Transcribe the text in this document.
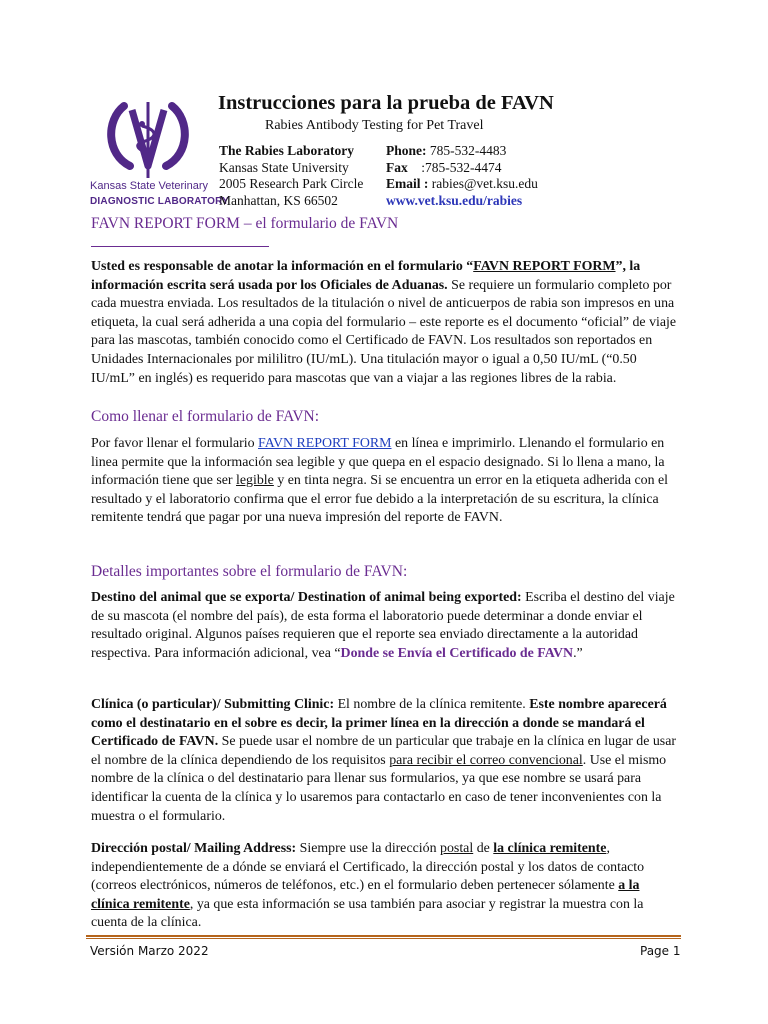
Kansas State Veterinary
DIAGNOSTIC LABORATORY
Instrucciones para la prueba de FAVN
Rabies Antibody Testing for Pet Travel
The Rabies Laboratory
Kansas State University
2005 Research Park Circle
Manhattan, KS 66502
Phone: 785-532-4483
Fax :785-532-4474
Email : rabies@vet.ksu.edu
www.vet.ksu.edu/rabies
FAVN REPORT FORM – el formulario de FAVN

Usted es responsable de anotar la información en el formulario “FAVN REPORT FORM”, la información escrita será usada por los Oficiales de Aduanas. Se requiere un formulario completo por cada muestra enviada. Los resultados de la titulación o nivel de anticuerpos de rabia son impresos en una etiqueta, la cual será adherida a una copia del formulario – este reporte es el documento “oficial” de viaje para las mascotas, también conocido como el Certificado de FAVN. Los resultados son reportados en Unidades Internacionales por mililitro (IU/mL). Una titulación mayor o igual a 0,50 IU/mL (“0.50 IU/mL” en inglés) es requerido para mascotas que van a viajar a las regiones libres de la rabia.

Como llenar el formulario de FAVN:

Por favor llenar el formulario FAVN REPORT FORM en línea e imprimirlo. Llenando el formulario en linea permite que la información sea legible y que quepa en el espacio designado. Si lo llena a mano, la información tiene que ser legible y en tinta negra. Si se encuentra un error en la etiqueta adherida con el resultado y el laboratorio confirma que el error fue debido a la interpretación de su escritura, la clínica remitente tendrá que pagar por una nueva impresión del reporte de FAVN.

Detalles importantes sobre el formulario de FAVN:

Destino del animal que se exporta/ Destination of animal being exported: Escriba el destino del viaje de su mascota (el nombre del país), de esta forma el laboratorio puede determinar a donde enviar el resultado original. Algunos países requieren que el reporte sea enviado directamente a la autoridad respectiva. Para información adicional, vea “Donde se Envía el Certificado de FAVN.”

Clínica (o particular)/ Submitting Clinic: El nombre de la clínica remitente. Este nombre aparecerá como el destinatario en el sobre es decir, la primer línea en la dirección a donde se mandará el Certificado de FAVN. Se puede usar el nombre de un particular que trabaje en la clínica en lugar de usar el nombre de la clínica dependiendo de los requisitos para recibir el correo convencional. Use el mismo nombre de la clínica o del destinatario para llenar sus formularios, ya que ese nombre se usará para identificar la cuenta de la clínica y lo usaremos para contactarlo en caso de tener inconvenientes con la muestra o el formulario.

Dirección postal/ Mailing Address: Siempre use la dirección postal de la clínica remitente, independientemente de a dónde se enviará el Certificado, la dirección postal y los datos de contacto (correos electrónicos, números de teléfonos, etc.) en el formulario deben pertenecer sólamente a la clínica remitente, ya que esta información se usa también para asociar y registrar la muestra con la cuenta de la clínica.

Versión Marzo 2022	Page 1
